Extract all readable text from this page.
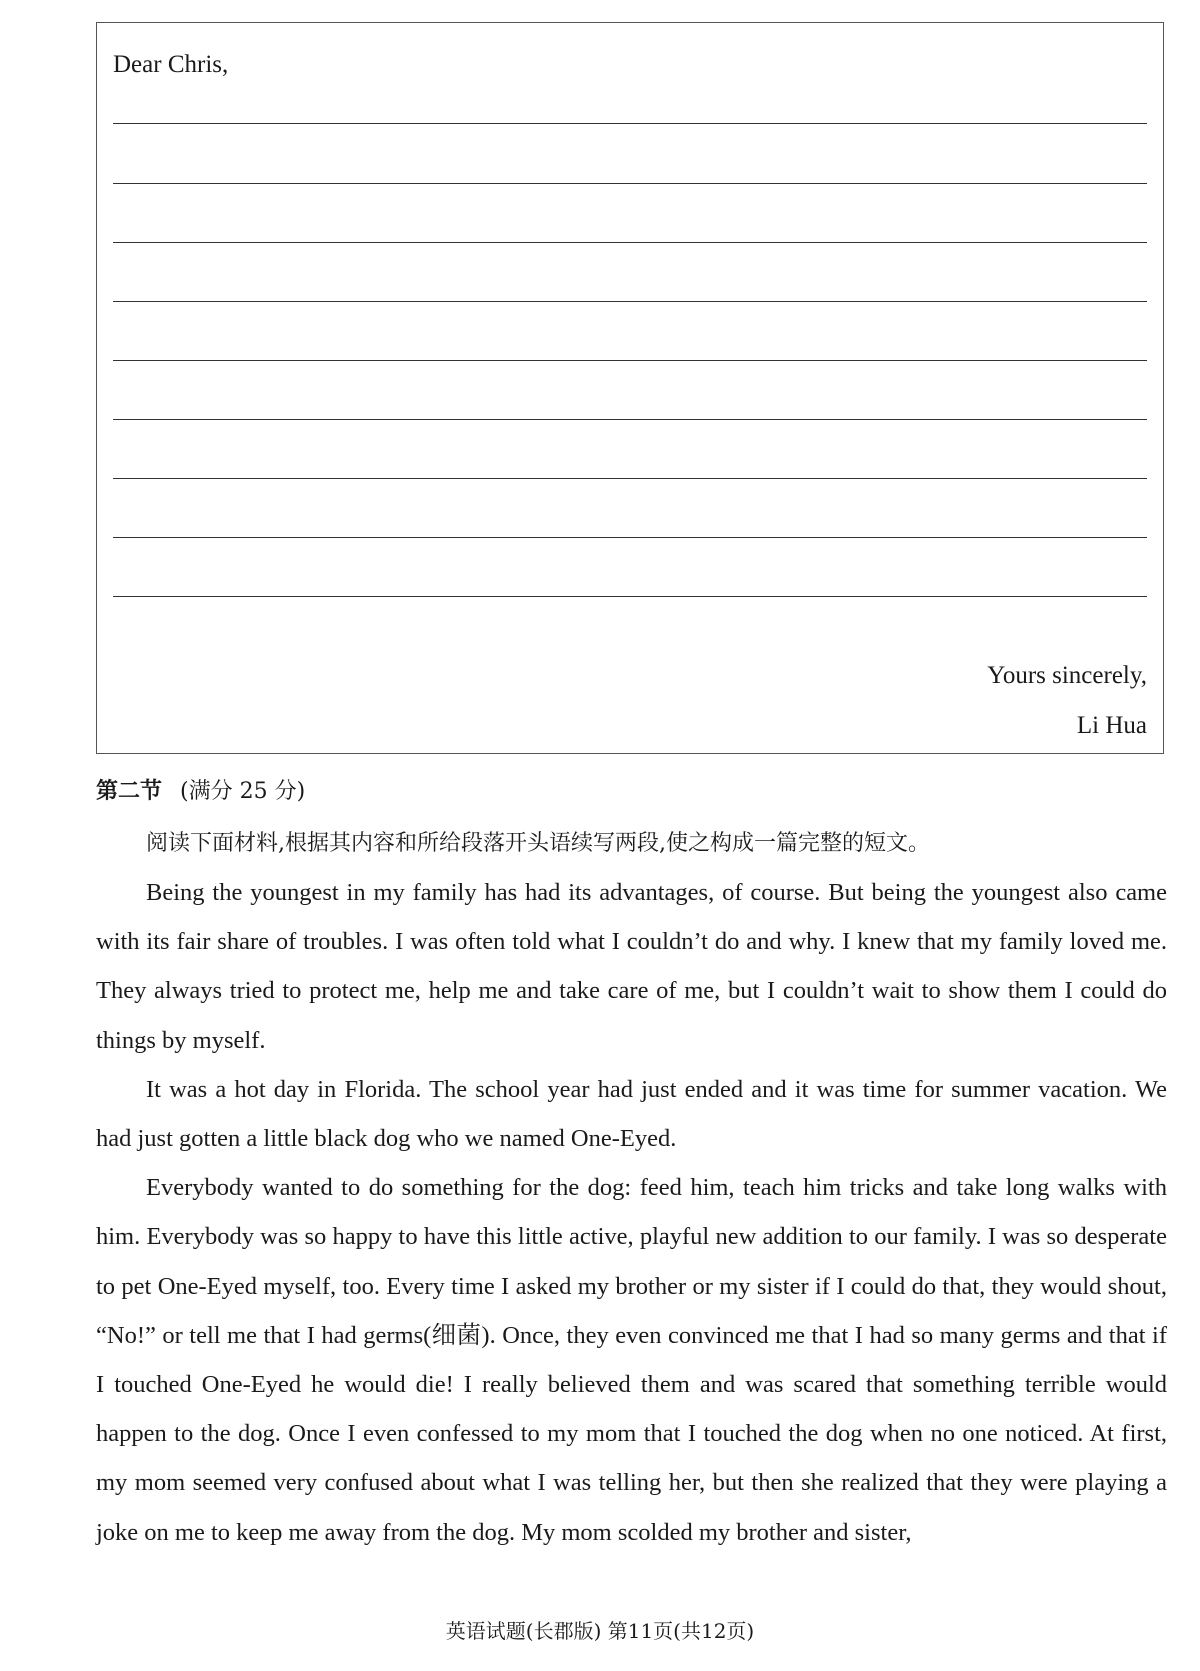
Dear Chris,
Yours sincerely,
Li Hua
第二节 (满分 25 分)
阅读下面材料,根据其内容和所给段落开头语续写两段,使之构成一篇完整的短文。

Being the youngest in my family has had its advantages, of course. But being the youngest also came with its fair share of troubles. I was often told what I couldn’t do and why. I knew that my family loved me. They always tried to protect me, help me and take care of me, but I couldn’t wait to show them I could do things by myself.

It was a hot day in Florida. The school year had just ended and it was time for summer vacation. We had just gotten a little black dog who we named One-Eyed.

Everybody wanted to do something for the dog: feed him, teach him tricks and take long walks with him. Everybody was so happy to have this little active, playful new addition to our family. I was so desperate to pet One-Eyed myself, too. Every time I asked my brother or my sister if I could do that, they would shout, “No!” or tell me that I had germs(细菌). Once, they even convinced me that I had so many germs and that if I touched One-Eyed he would die! I really believed them and was scared that something terrible would happen to the dog. Once I even confessed to my mom that I touched the dog when no one noticed. At first, my mom seemed very confused about what I was telling her, but then she realized that they were playing a joke on me to keep me away from the dog. My mom scolded my brother and sister,

英语试题(长郡版) 第11页(共12页)
